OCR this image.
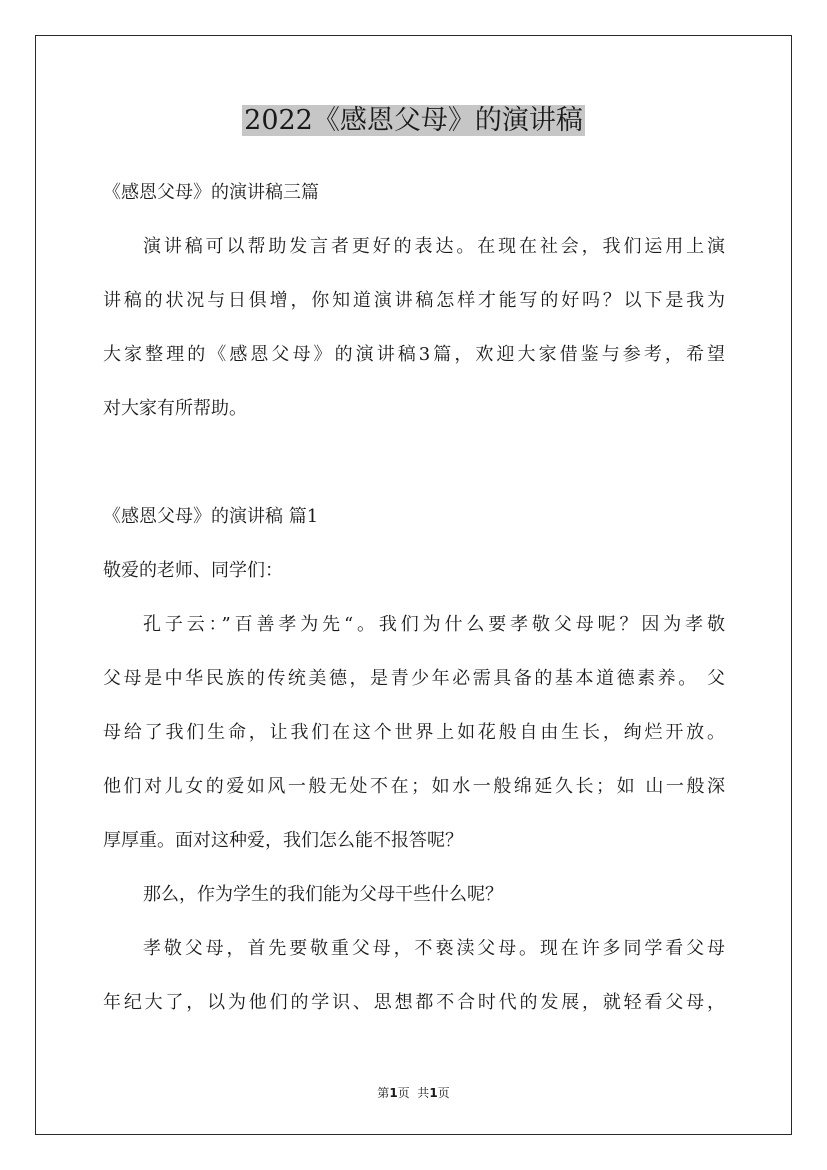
2022《感恩父母》的演讲稿
《感恩父母》的演讲稿三篇
演讲稿可以帮助发言者更好的表达。在现在社会，我们运用上演
讲稿的状况与日俱增，你知道演讲稿怎样才能写的好吗？以下是我为
大家整理的《感恩父母》的演讲稿3篇，欢迎大家借鉴与参考，希望
对大家有所帮助。
《感恩父母》的演讲稿 篇1
敬爱的老师、同学们：
孔子云：”百善孝为先“。我们为什么要孝敬父母呢？因为孝敬
父母是中华民族的传统美德，是青少年必需具备的基本道德素养。 父
母给了我们生命，让我们在这个世界上如花般自由生长，绚烂开放。
他们对儿女的爱如风一般无处不在；如水一般绵延久长；如 山一般深
厚厚重。面对这种爱，我们怎么能不报答呢？
那么，作为学生的我们能为父母干些什么呢？
孝敬父母，首先要敬重父母，不亵渎父母。现在许多同学看父母
年纪大了，以为他们的学识、思想都不合时代的发展，就轻看父母，
第1页  共1页
